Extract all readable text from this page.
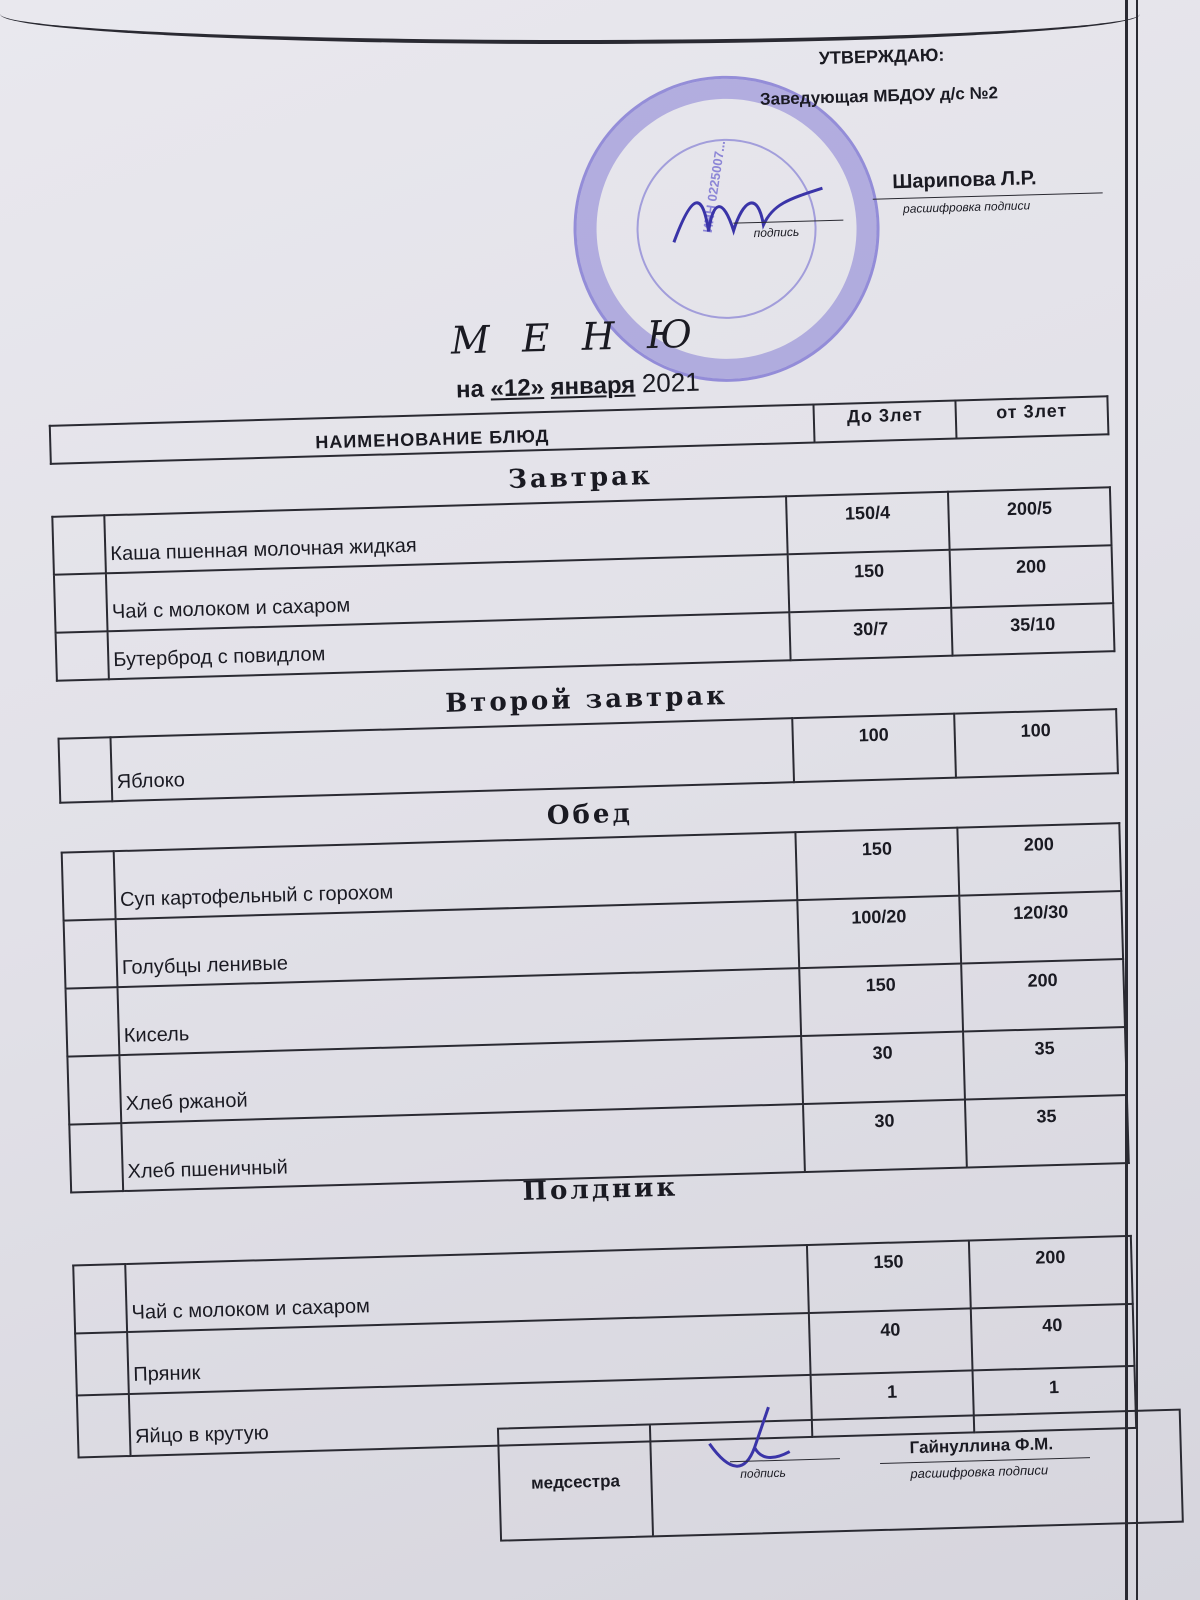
ИНН 0225007...
УТВЕРЖДАЮ:
Заведующая МБДОУ д/с №2
подпись
Шарипова Л.Р.
расшифровка подписи
М Е Н Ю
на «12» января 2021
НАИМЕНОВАНИЕ БЛЮД	До 3лет	от 3лет
Завтрак
	Каша пшенная молочная жидкая	150/4	200/5
	Чай с молоком и сахаром	150	200
	Бутерброд с повидлом	30/7	35/10
Второй завтрак
	Яблоко	100	100
Обед
	Суп картофельный с горохом	150	200
	Голубцы ленивые	100/20	120/30
	Кисель	150	200
	Хлеб ржаной	30	35
	Хлеб пшеничный	30	35
Полдник
	Чай с молоком и сахаром	150	200
	Пряник	40	40
	Яйцо в крутую	1	1
медсестра	подпись
Гайнуллина Ф.М.
расшифровка подписи
